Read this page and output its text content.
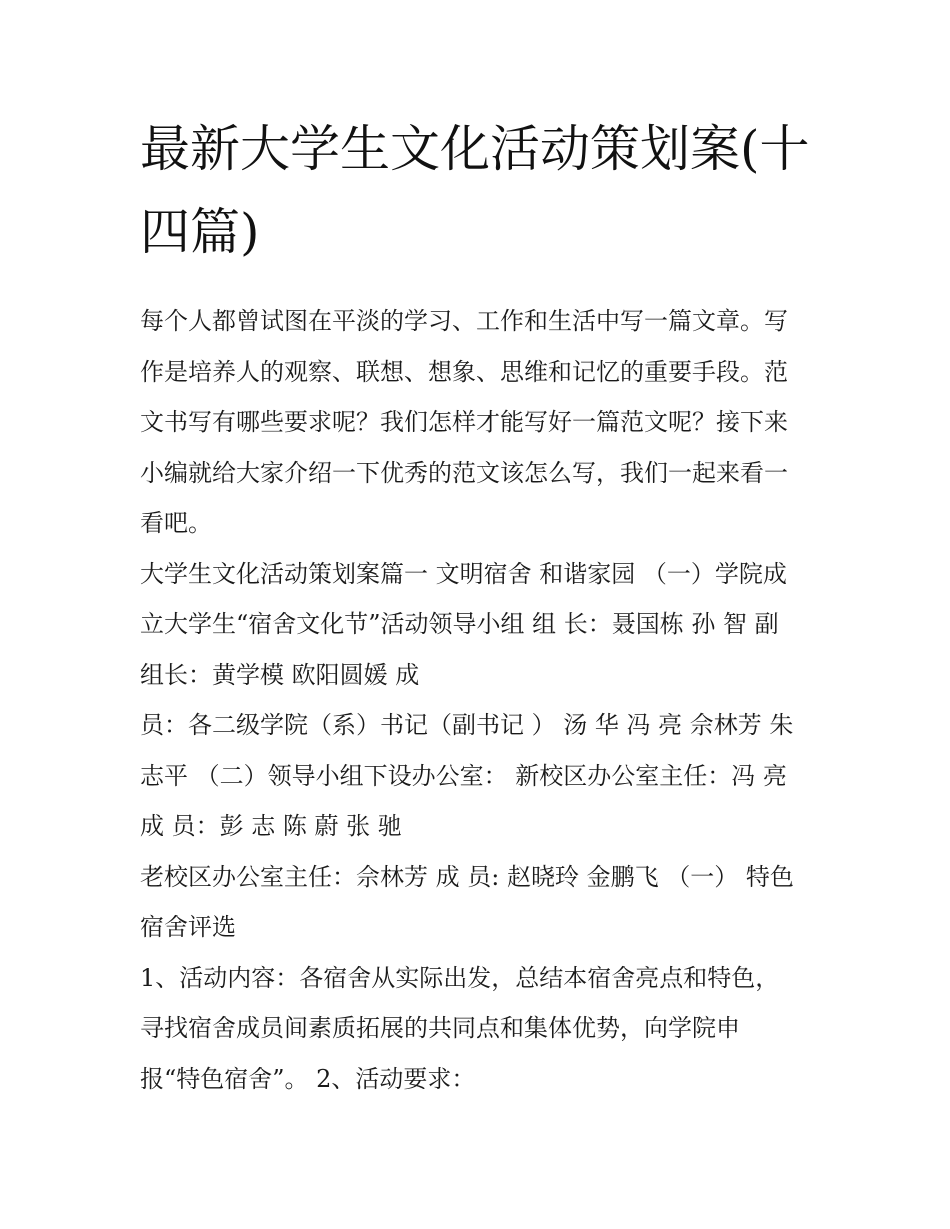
最新大学生文化活动策划案(十
四篇)

每个人都曾试图在平淡的学习、工作和生活中写一篇文章。写
作是培养人的观察、联想、想象、思维和记忆的重要手段。范
文书写有哪些要求呢？我们怎样才能写好一篇范文呢？接下来
小编就给大家介绍一下优秀的范文该怎么写，我们一起来看一
看吧。

大学生文化活动策划案篇一 文明宿舍 和谐家园 （一）学院成
立大学生“宿舍文化节”活动领导小组 组 长：聂国栋 孙 智 副
组长：黄学模 欧阳圆媛 成

员：各二级学院（系）书记（副书记 ） 汤 华 冯 亮 佘林芳 朱
志平 （二）领导小组下设办公室： 新校区办公室主任：冯 亮
成 员：彭 志 陈 蔚 张 驰

老校区办公室主任：佘林芳 成 员: 赵晓玲 金鹏飞 （一） 特色
宿舍评选

1、活动内容：各宿舍从实际出发，总结本宿舍亮点和特色，
寻找宿舍成员间素质拓展的共同点和集体优势，向学院申
报“特色宿舍”。 2、活动要求：
